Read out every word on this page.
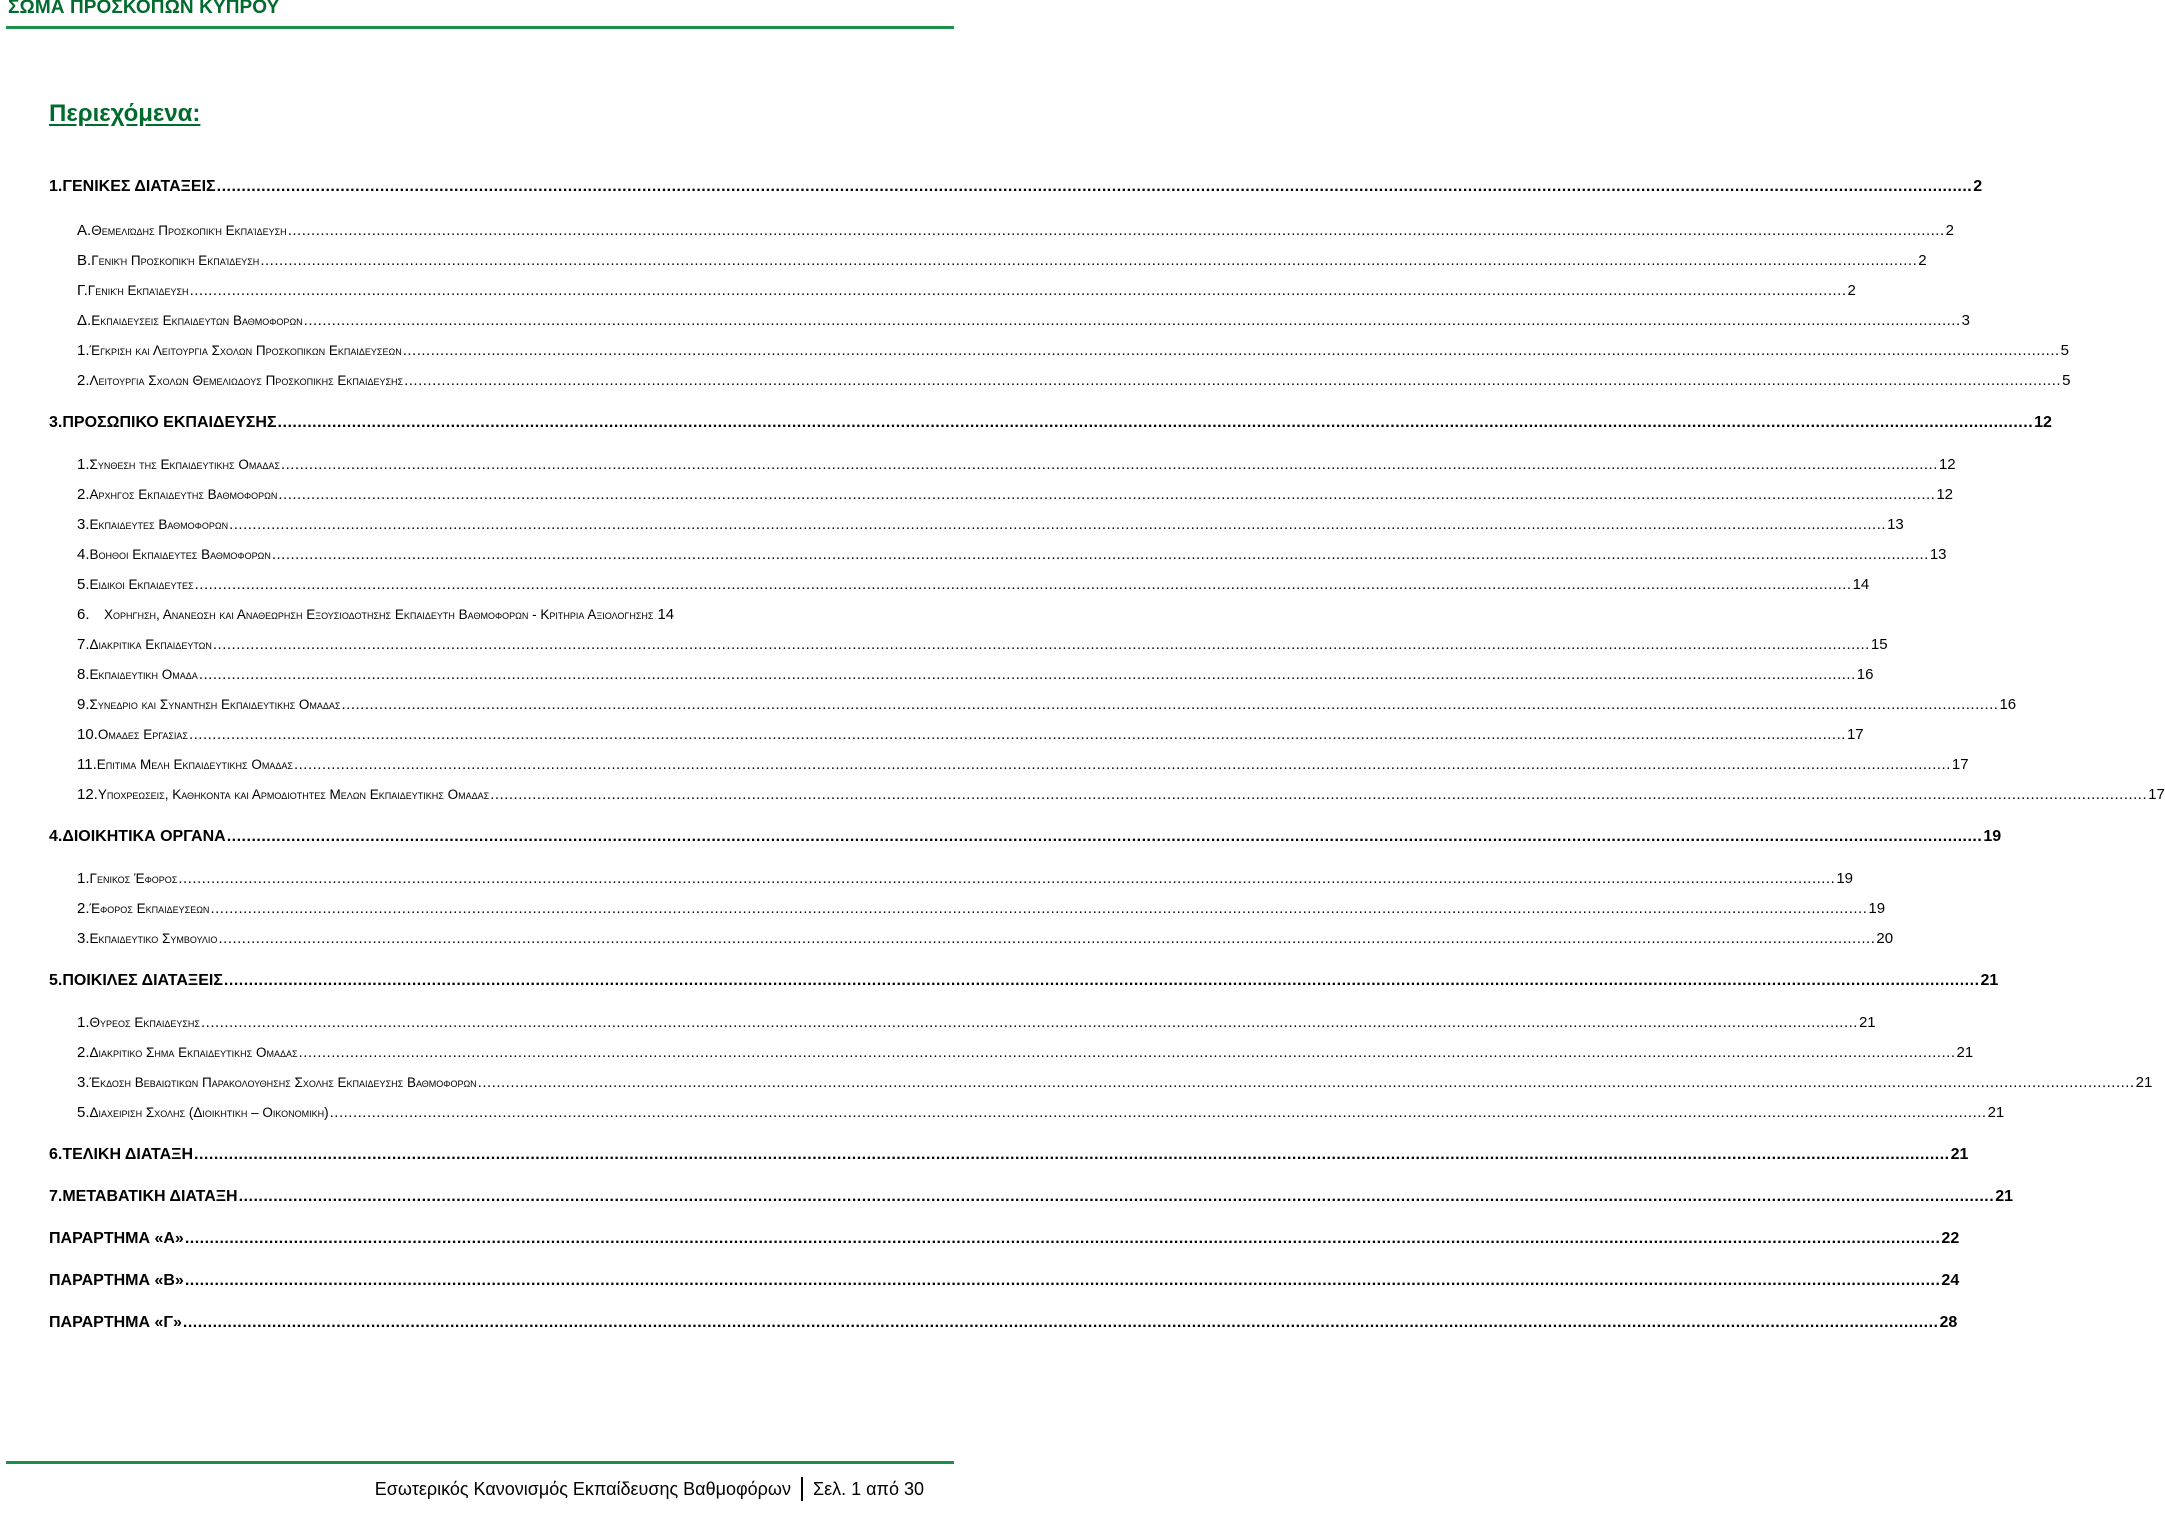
ΣΩΜΑ ΠΡΟΣΚΟΠΩΝ ΚΥΠΡΟΥ
Περιεχόμενα:
1. ΓΕΝΙΚΕΣ ΔΙΑΤΑΞΕΙΣ .....	2
Α. Θεμελιώδης Προσκοπική Εκπαίδευση .....	2
Β. Γενική Προσκοπική Εκπαίδευση .....	2
Γ. Γενική Εκπαίδευση .....	2
Δ. Εκπαιδευσεις Εκπαιδευτων Βαθμοφορων .....	3
1. Έγκριση και Λειτουργια Σχολων Προσκοπικων Εκπαιδευσεων .....	5
2. Λειτουργια Σχολων Θεμελιωδους Προσκοπικης Εκπαιδευσης .....	5
3. ΠΡΟΣΩΠΙΚΟ ΕΚΠΑΙΔΕΥΣΗΣ .....	12
1. Συνθεση της Εκπαιδευτικης Ομαδας .....	12
2. Αρχηγος Εκπαιδευτης Βαθμοφορων .....	12
3. Εκπαιδευτες Βαθμοφορων .....	13
4. Βοηθοι Εκπαιδευτες Βαθμοφορων .....	13
5. Ειδικοι Εκπαιδευτες .....	14
6.	Χορηγηση, Ανανεωση και Αναθεωρηση Εξουσιοδοτησης Εκπαιδευτη Βαθμοφορων - Κριτηρια Αξιολογησης ..... 14
7. Διακριτικα Εκπαιδευτων .....	15
8. Εκπαιδευτικη Ομαδα .....	16
9. Συνεδριο και Συναντηση Εκπαιδευτικης Ομαδας .....	16
10. Ομαδες Εργασιας .....	17
11. Επιτιμα Μελη Εκπαιδευτικης Ομαδας .....	17
12. Υποχρεωσεις, Καθηκοντα και Αρμοδιοτητες Μελων Εκπαιδευτικης Ομαδας .....	17
4. ΔΙΟΙΚΗΤΙΚΑ ΟΡΓΑΝΑ .....	19
1. Γενικος Έφορος .....	19
2. Έφορος Εκπαιδευσεων .....	19
3. Εκπαιδευτικο Συμβουλιο .....	20
5. ΠΟΙΚΙΛΕΣ ΔΙΑΤΑΞΕΙΣ .....	21
1. Θυρεος Εκπαιδευσης .....	21
2. Διακριτικο Σημα Εκπαιδευτικης Ομαδας .....	21
3. Έκδοση Βεβαιωτικων Παρακολουθησης Σχολης Εκπαιδευσης Βαθμοφορων .....	21
5. Διαχειριση Σχολης (Διοικητικη – Οικονομικη) .....	21
6. ΤΕΛΙΚΗ ΔΙΑΤΑΞΗ .....	21
7. ΜΕΤΑΒΑΤΙΚΗ ΔΙΑΤΑΞΗ .....	21
ΠΑΡΑΡΤΗΜΑ «Α» .....	22
ΠΑΡΑΡΤΗΜΑ «Β» .....	24
ΠΑΡΑΡΤΗΜΑ «Γ» .....	28
Εσωτερικός Κανονισμός Εκπαίδευσης Βαθμοφόρων	Σελ. 1 από 30
